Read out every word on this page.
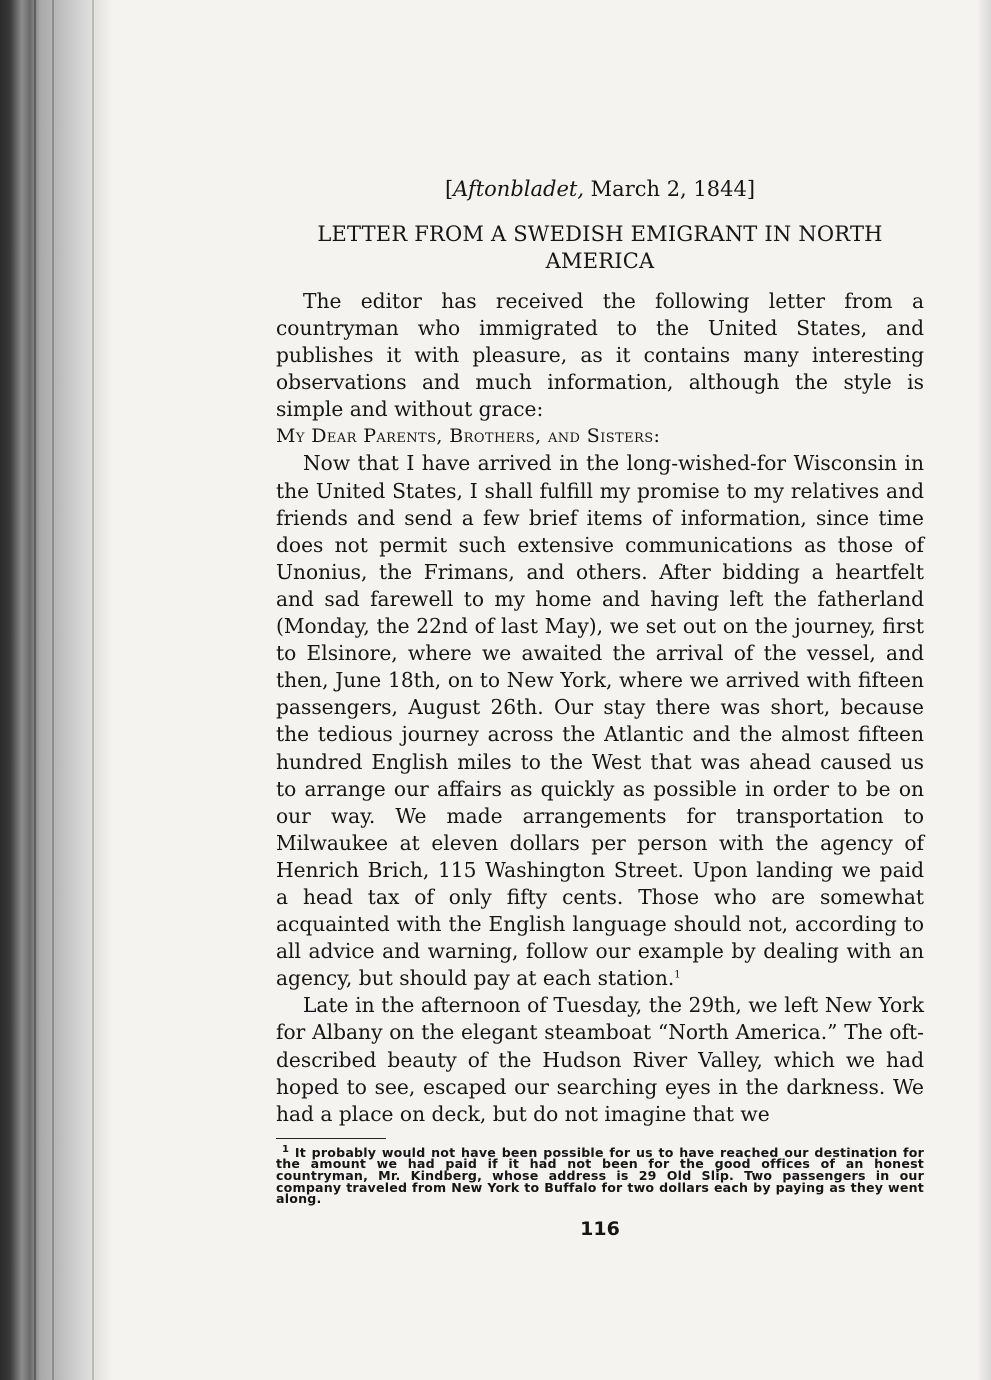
[Aftonbladet, March 2, 1844]

LETTER FROM A SWEDISH EMIGRANT IN NORTH AMERICA

The editor has received the following letter from a countryman who immigrated to the United States, and publishes it with pleasure, as it contains many interesting observations and much information, although the style is simple and without grace:

My Dear Parents, Brothers, and Sisters:

Now that I have arrived in the long-wished-for Wisconsin in the United States, I shall fulfill my promise to my relatives and friends and send a few brief items of information, since time does not permit such extensive communications as those of Unonius, the Frimans, and others. After bidding a heartfelt and sad farewell to my home and having left the fatherland (Monday, the 22nd of last May), we set out on the journey, first to Elsinore, where we awaited the arrival of the vessel, and then, June 18th, on to New York, where we arrived with fifteen passengers, August 26th. Our stay there was short, because the tedious journey across the Atlantic and the almost fifteen hundred English miles to the West that was ahead caused us to arrange our affairs as quickly as possible in order to be on our way. We made arrangements for transportation to Milwaukee at eleven dollars per person with the agency of Henrich Brich, 115 Washington Street. Upon landing we paid a head tax of only fifty cents. Those who are somewhat acquainted with the English language should not, according to all advice and warning, follow our example by dealing with an agency, but should pay at each station.$^1$

Late in the afternoon of Tuesday, the 29th, we left New York for Albany on the elegant steamboat “North America.” The oft-described beauty of the Hudson River Valley, which we had hoped to see, escaped our searching eyes in the darkness. We had a place on deck, but do not imagine that we

$^1$ It probably would not have been possible for us to have reached our destination for the amount we had paid if it had not been for the good offices of an honest countryman, Mr. Kindberg, whose address is 29 Old Slip. Two passengers in our company traveled from New York to Buffalo for two dollars each by paying as they went along.

116
